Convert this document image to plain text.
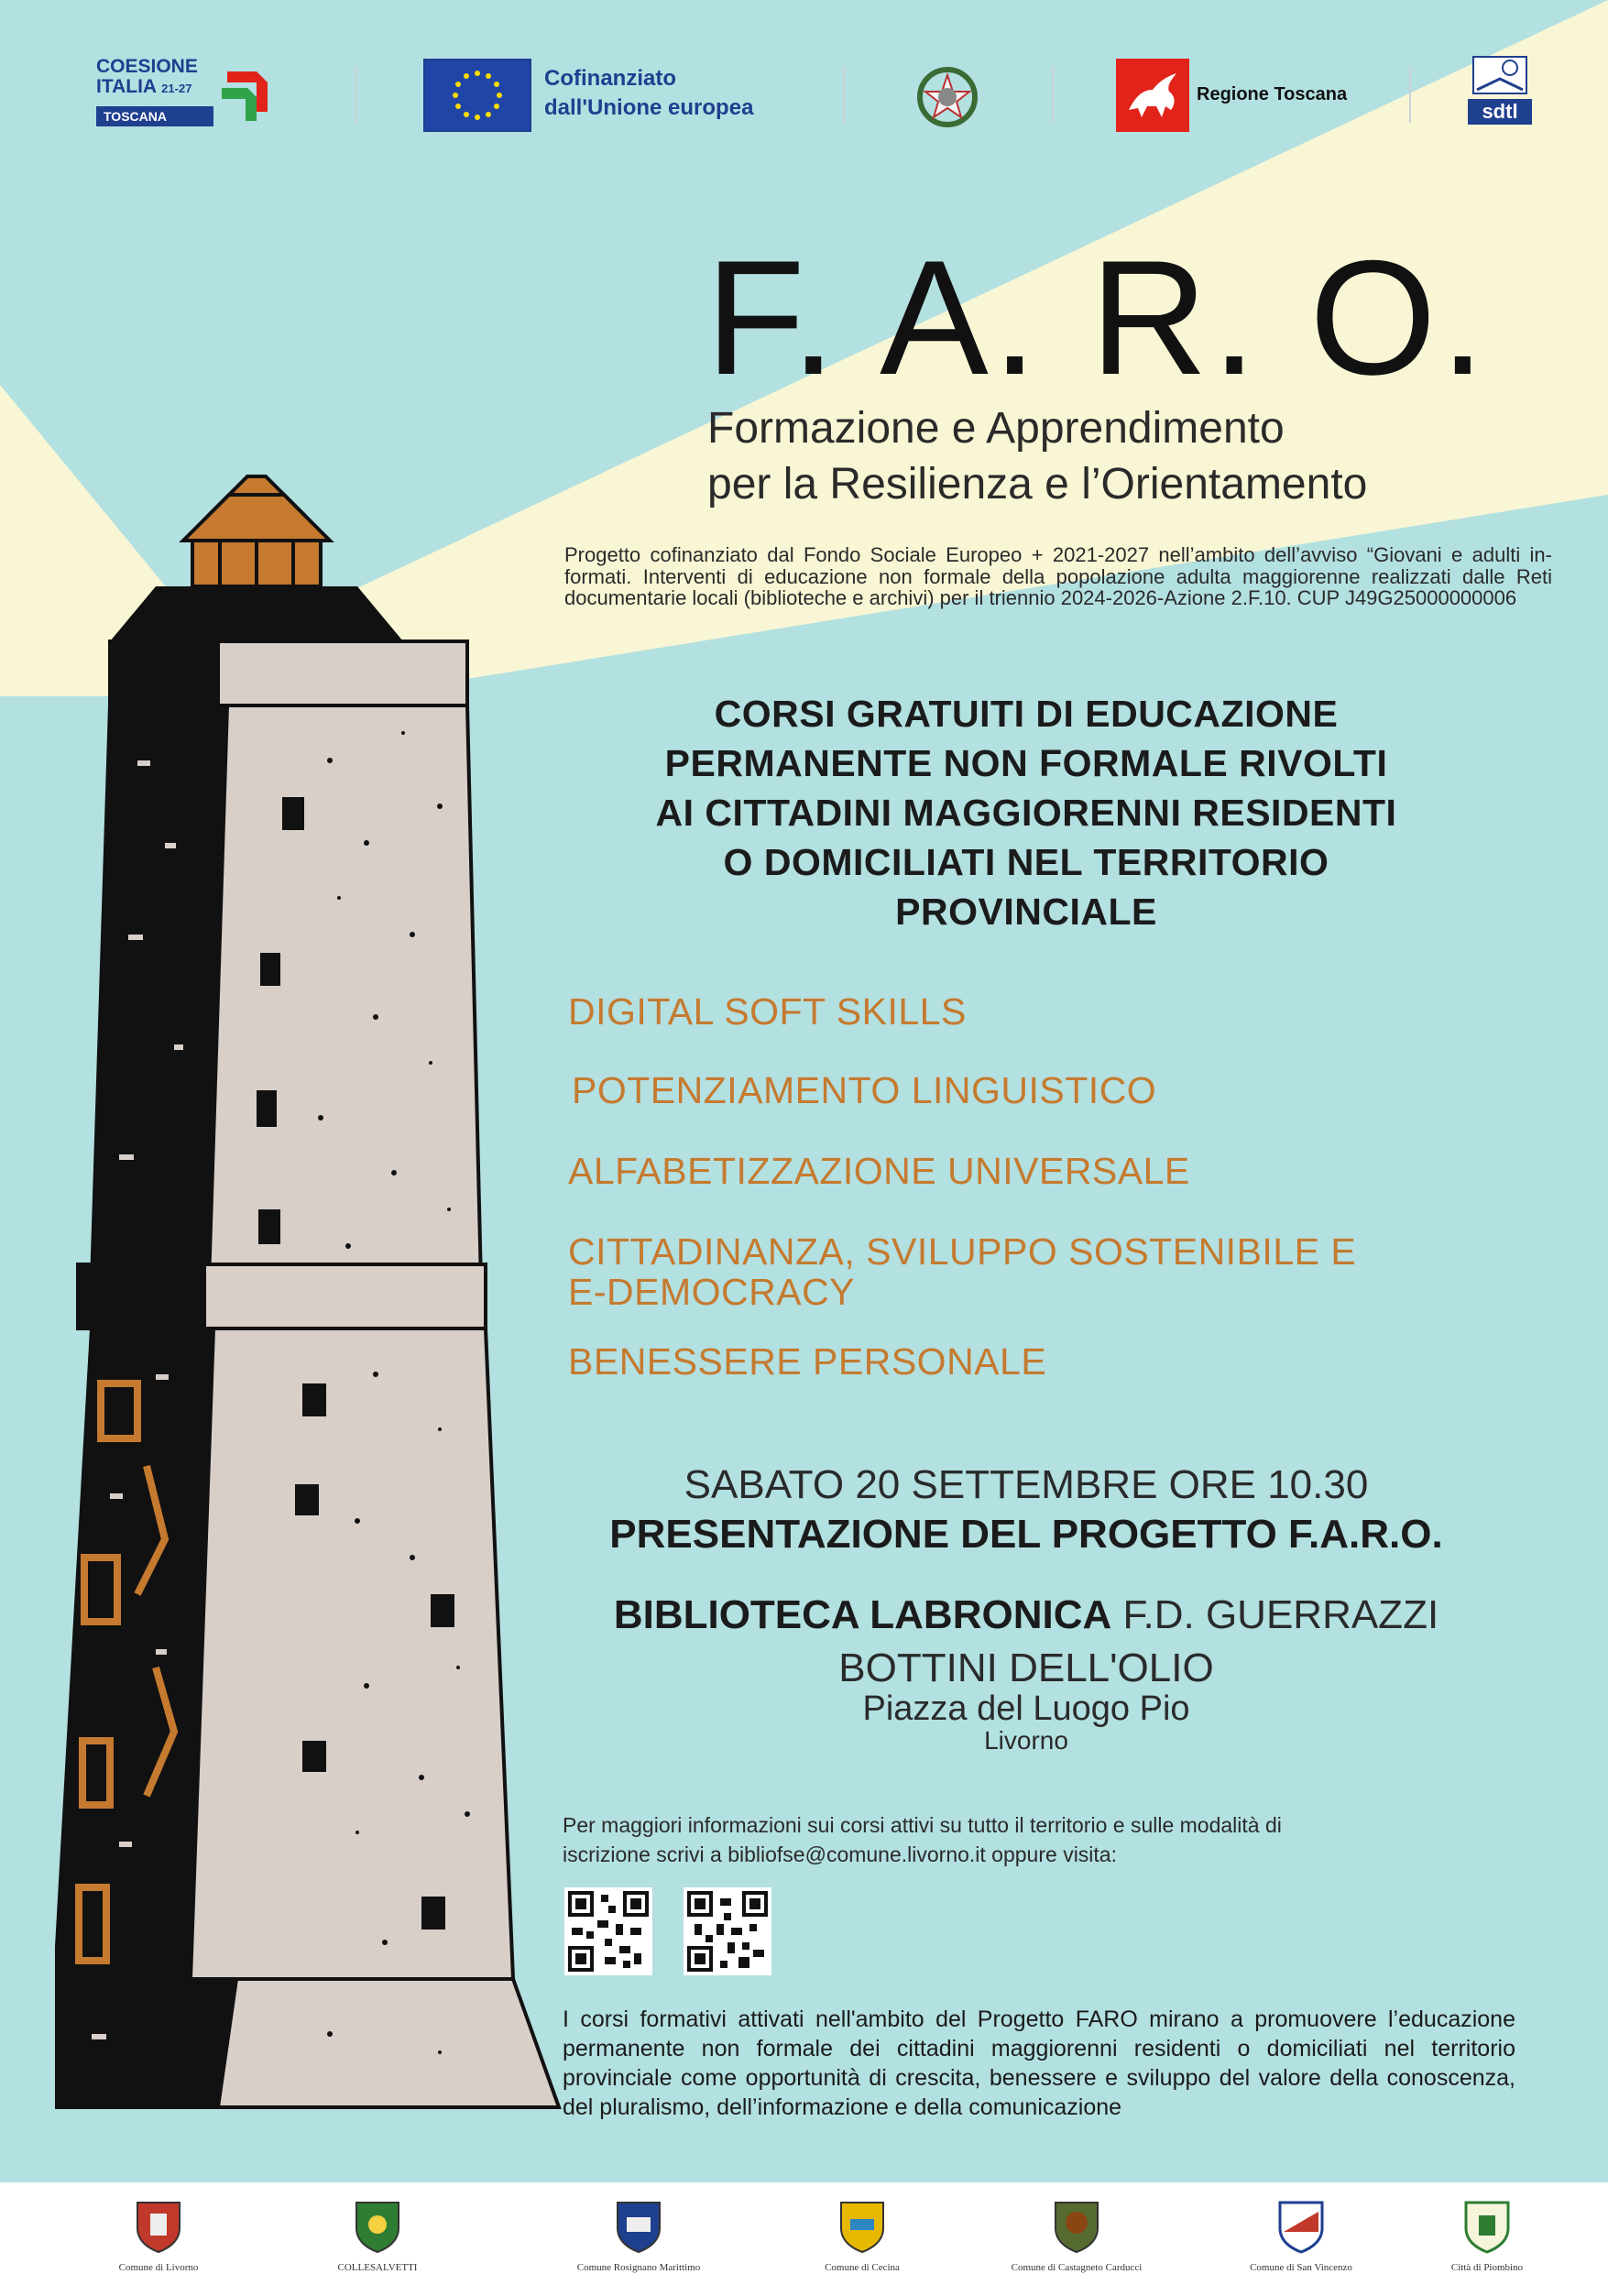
COESIONE
ITALIA 21-27
TOSCANA
Cofinanziato
dall'Unione europea
Regione Toscana
sdtl
F. A. R. O.
Formazione e Apprendimento
per la Resilienza e l’Orientamento
Progetto cofinanziato dal Fondo Sociale Europeo + 2021-2027 nell’ambito dell’avviso “Giovani e adulti in-formati. Interventi di educazione non formale della popolazione adulta maggiorenne realizzati dalle Reti documentarie locali (biblioteche e archivi) per il triennio 2024-2026-Azione 2.F.10. CUP J49G25000000006
CORSI GRATUITI DI EDUCAZIONE
PERMANENTE NON FORMALE RIVOLTI
AI CITTADINI MAGGIORENNI RESIDENTI
O DOMICILIATI NEL TERRITORIO
PROVINCIALE
DIGITAL SOFT SKILLS
POTENZIAMENTO LINGUISTICO
ALFABETIZZAZIONE UNIVERSALE
CITTADINANZA, SVILUPPO SOSTENIBILE E
E-DEMOCRACY
BENESSERE PERSONALE
SABATO 20 SETTEMBRE ORE 10.30
PRESENTAZIONE DEL PROGETTO F.A.R.O.
BIBLIOTECA LABRONICA F.D. GUERRAZZI
BOTTINI DELL'OLIO
Piazza del Luogo Pio
Livorno
Per maggiori informazioni sui corsi attivi su tutto il territorio e sulle modalità di
iscrizione scrivi a bibliofse@comune.livorno.it oppure visita:
I corsi formativi attivati nell'ambito del Progetto FARO mirano a promuovere l’educazione permanente non formale dei cittadini maggiorenni residenti o domiciliati nel territorio provinciale come opportunità di crescita, benessere e sviluppo del valore della conoscenza, del pluralismo, dell’informazione e della comunicazione
Comune di Livorno	COLLESALVETTI	Comune Rosignano Marittimo	Comune di Cecina	Comune di Castagneto Carducci	Comune di San Vincenzo	Città di Piombino
